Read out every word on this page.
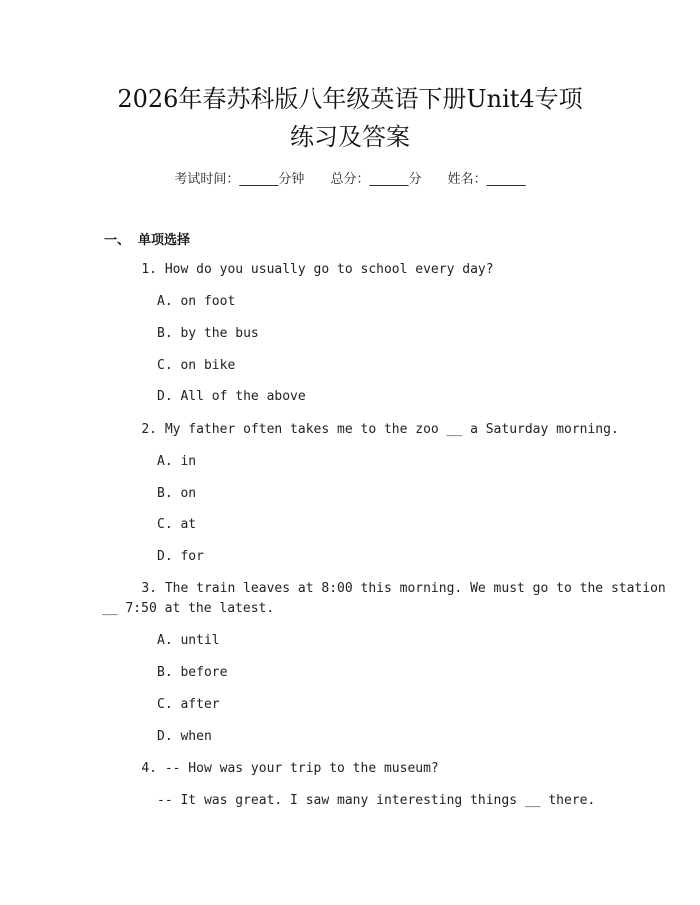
2026年春苏科版八年级英语下册Unit4专项
练习及答案
考试时间：______分钟 总分：______分 姓名：______
一、 单项选择
1. How do you usually go to school every day?
A. on foot
B. by the bus
C. on bike
D. All of the above
2. My father often takes me to the zoo __ a Saturday morning.
A. in
B. on
C. at
D. for
3. The train leaves at 8:00 this morning. We must go to the station
__ 7:50 at the latest.
A. until
B. before
C. after
D. when
4. -- How was your trip to the museum?
-- It was great. I saw many interesting things __ there.
